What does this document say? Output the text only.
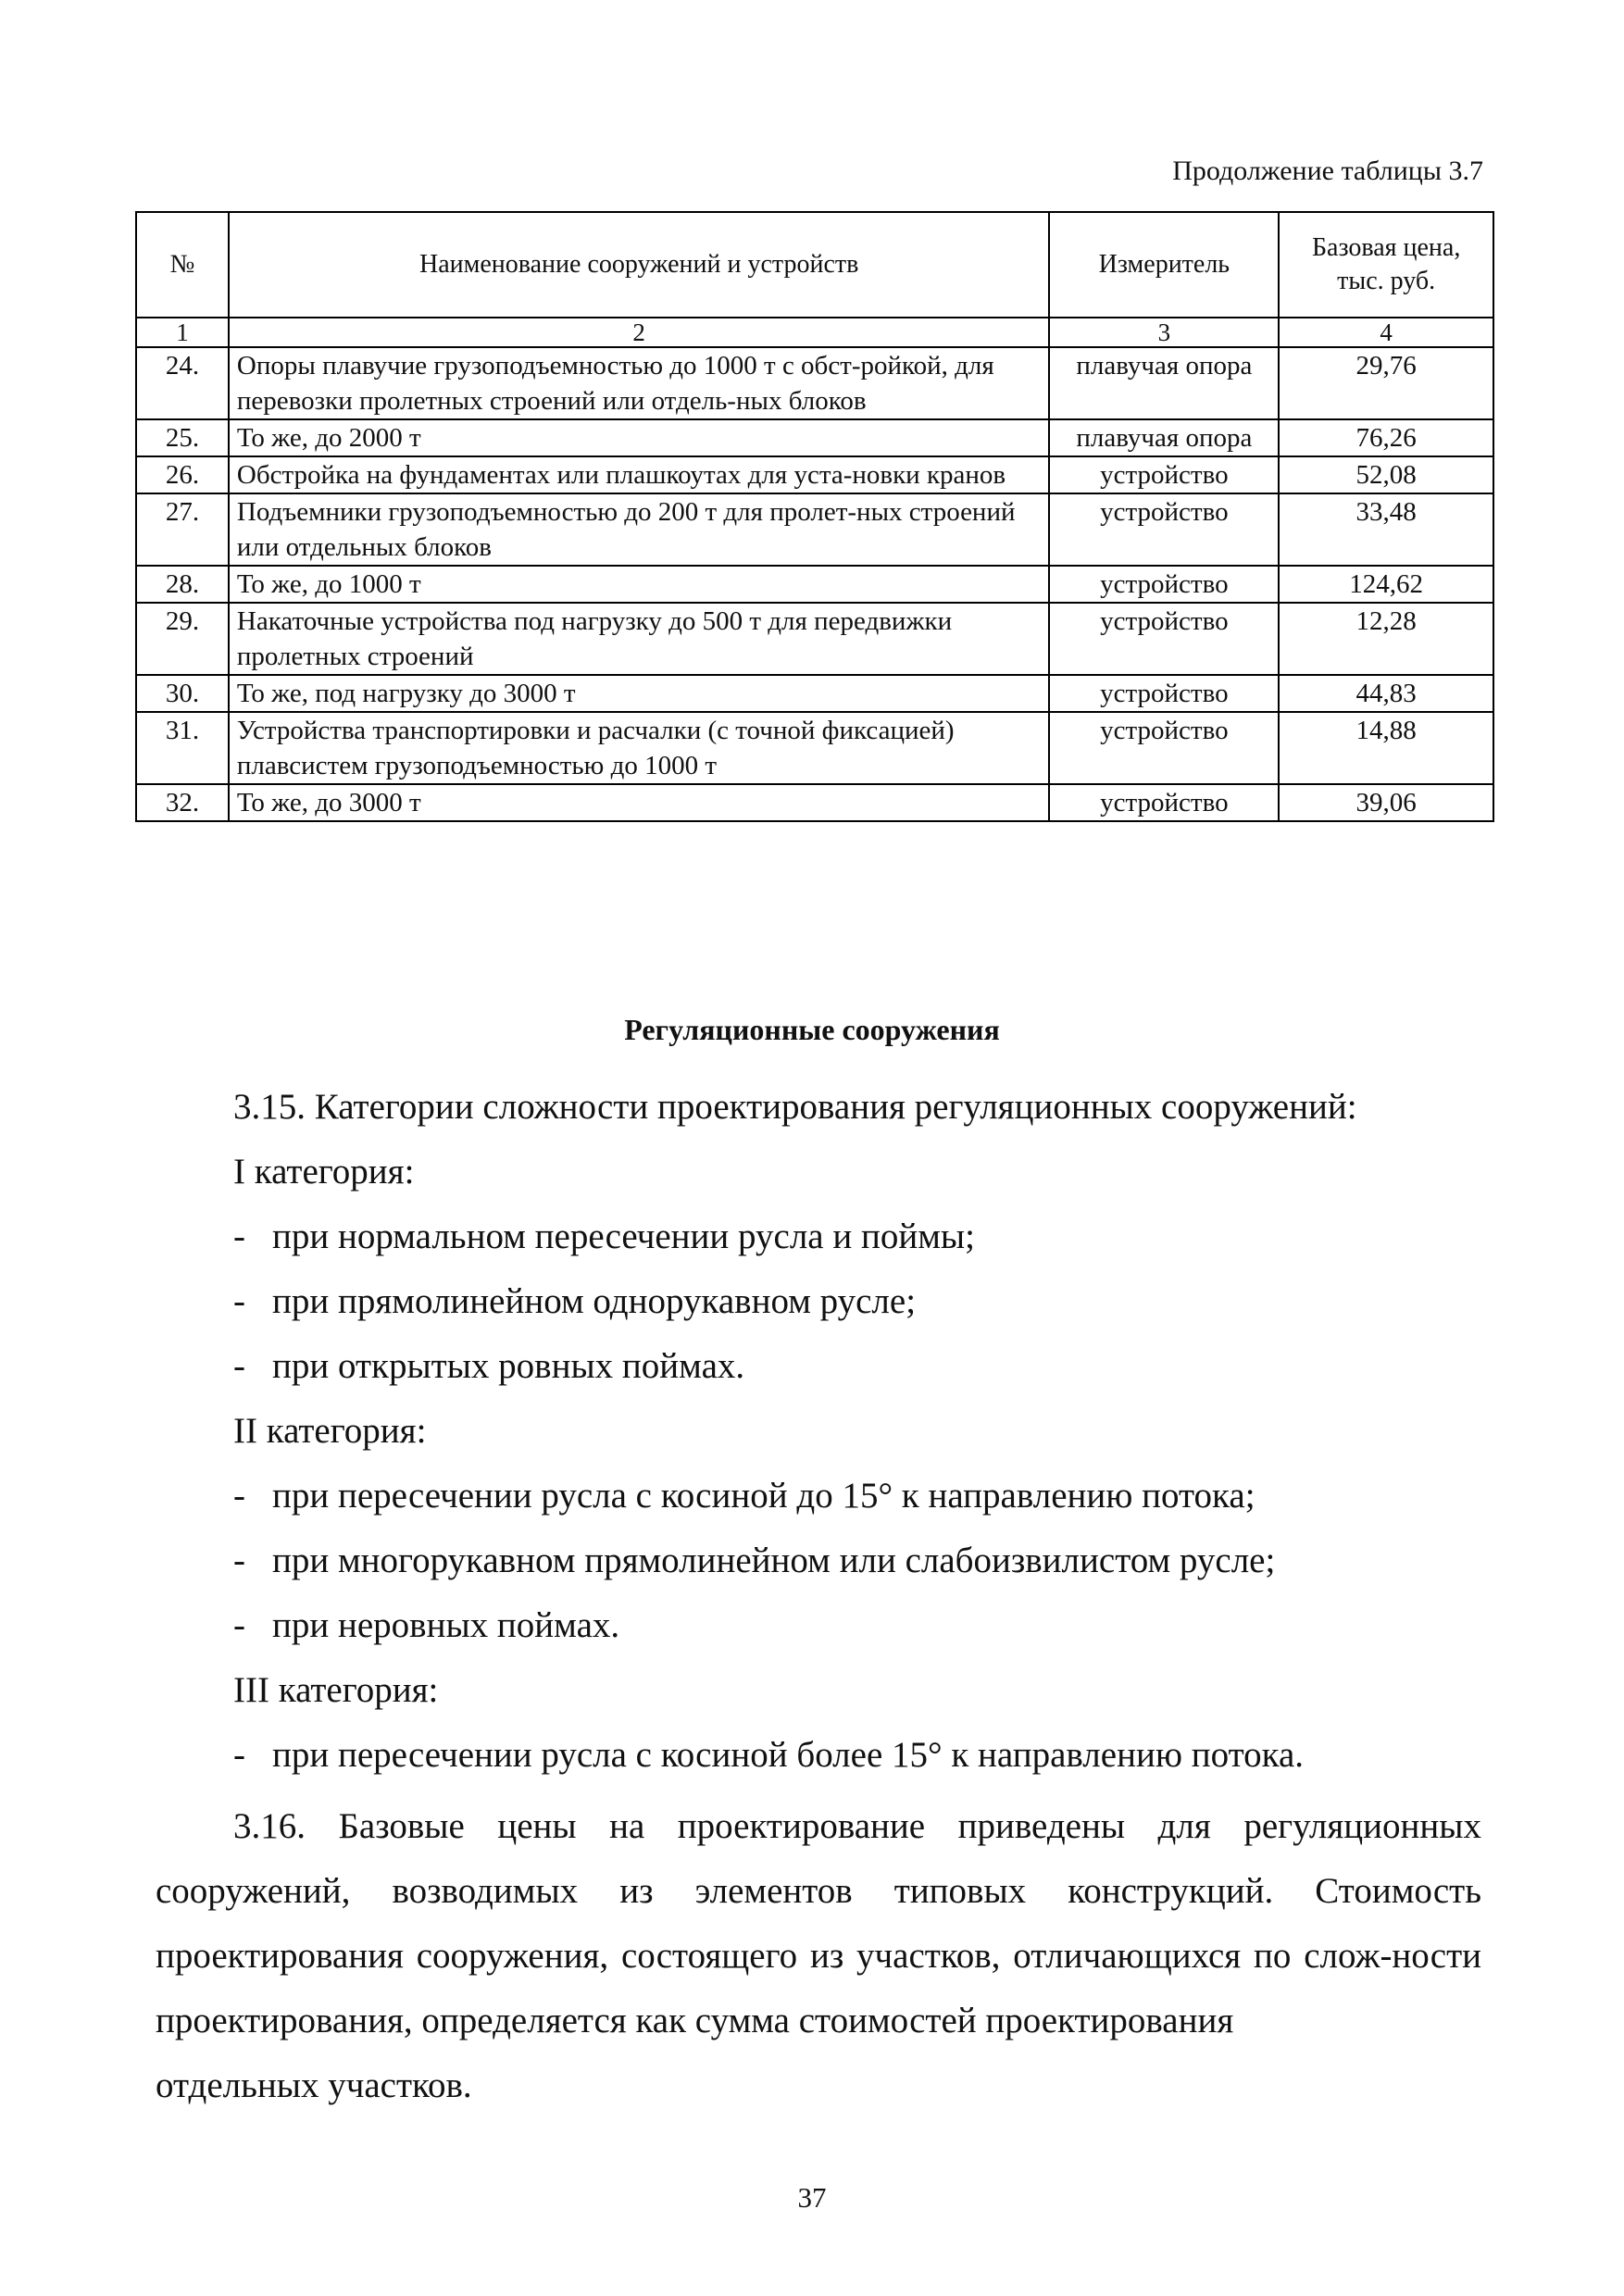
Продолжение таблицы 3.7
№	Наименование сооружений и устройств	Измеритель	Базовая цена, тыс. руб.
1	2	3	4
24.	Опоры плавучие грузоподъемностью до 1000 т с обст-ройкой, для перевозки пролетных строений или отдель-ных блоков	плавучая опора	29,76
25.	То же, до 2000 т	плавучая опора	76,26
26.	Обстройка на фундаментах или плашкоутах для уста-новки кранов	устройство	52,08
27.	Подъемники грузоподъемностью до 200 т для пролет-ных строений или отдельных блоков	устройство	33,48
28.	То же, до 1000 т	устройство	124,62
29.	Накаточные устройства под нагрузку до 500 т для передвижки пролетных строений	устройство	12,28
30.	То же, под нагрузку до 3000 т	устройство	44,83
31.	Устройства транспортировки и расчалки (с точной фиксацией) плавсистем грузоподъемностью до 1000 т	устройство	14,88
32.	То же, до 3000 т	устройство	39,06
Регуляционные сооружения
3.15. Категории сложности проектирования регуляционных сооружений:
I категория:
- при нормальном пересечении русла и поймы;
- при прямолинейном однорукавном русле;
- при открытых ровных поймах.
II категория:
- при пересечении русла с косиной до 15° к направлению потока;
- при многорукавном прямолинейном или слабоизвилистом русле;
- при неровных поймах.
III категория:
- при пересечении русла с косиной более 15° к направлению потока.
3.16. Базовые цены на проектирование приведены для регуляционных сооружений, возводимых из элементов типовых конструкций. Стоимость проектирования сооружения, состоящего из участков, отличающихся по слож-ности проектирования, определяется как сумма стоимостей проектирования
отдельных участков.
37
